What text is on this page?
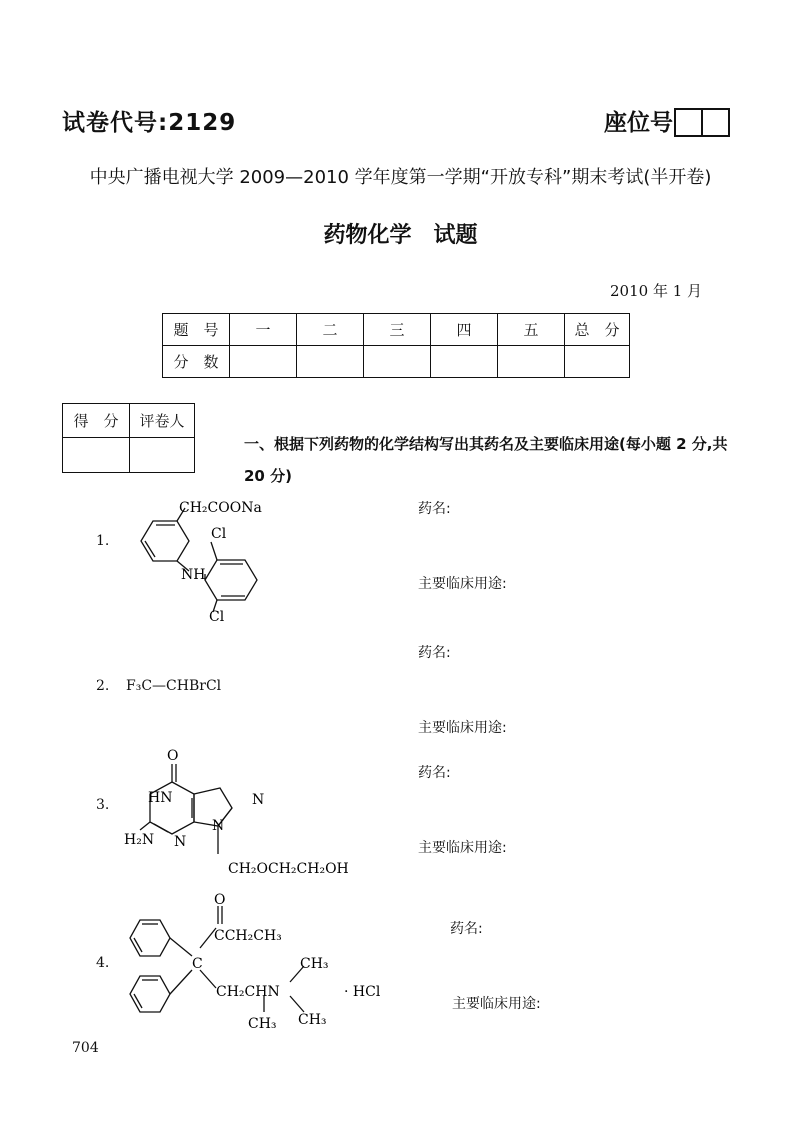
试卷代号:2129	座位号
中央广播电视大学 2009—2010 学年度第一学期“开放专科”期末考试(半开卷)
药物化学　试题
2010 年 1 月
题　号	一	二	三	四	五	总　分
分　数						
得　分	评卷人

一、根据下列药物的化学结构写出其药名及主要临床用途(每小题 2 分,共 20 分)
1.
CH₂COONa
Cl
NH
Cl
药名:
主要临床用途:
2. F₃C—CHBrCl
药名:
主要临床用途:
3.
O
HN	N
N
N
H₂N
CH₂OCH₂CH₂OH
药名:
主要临床用途:
4.
O
CCH₂CH₃
C	CH₃
CH₂CHN
CH₃ CH₃
· HCl
药名:
主要临床用途:
704
